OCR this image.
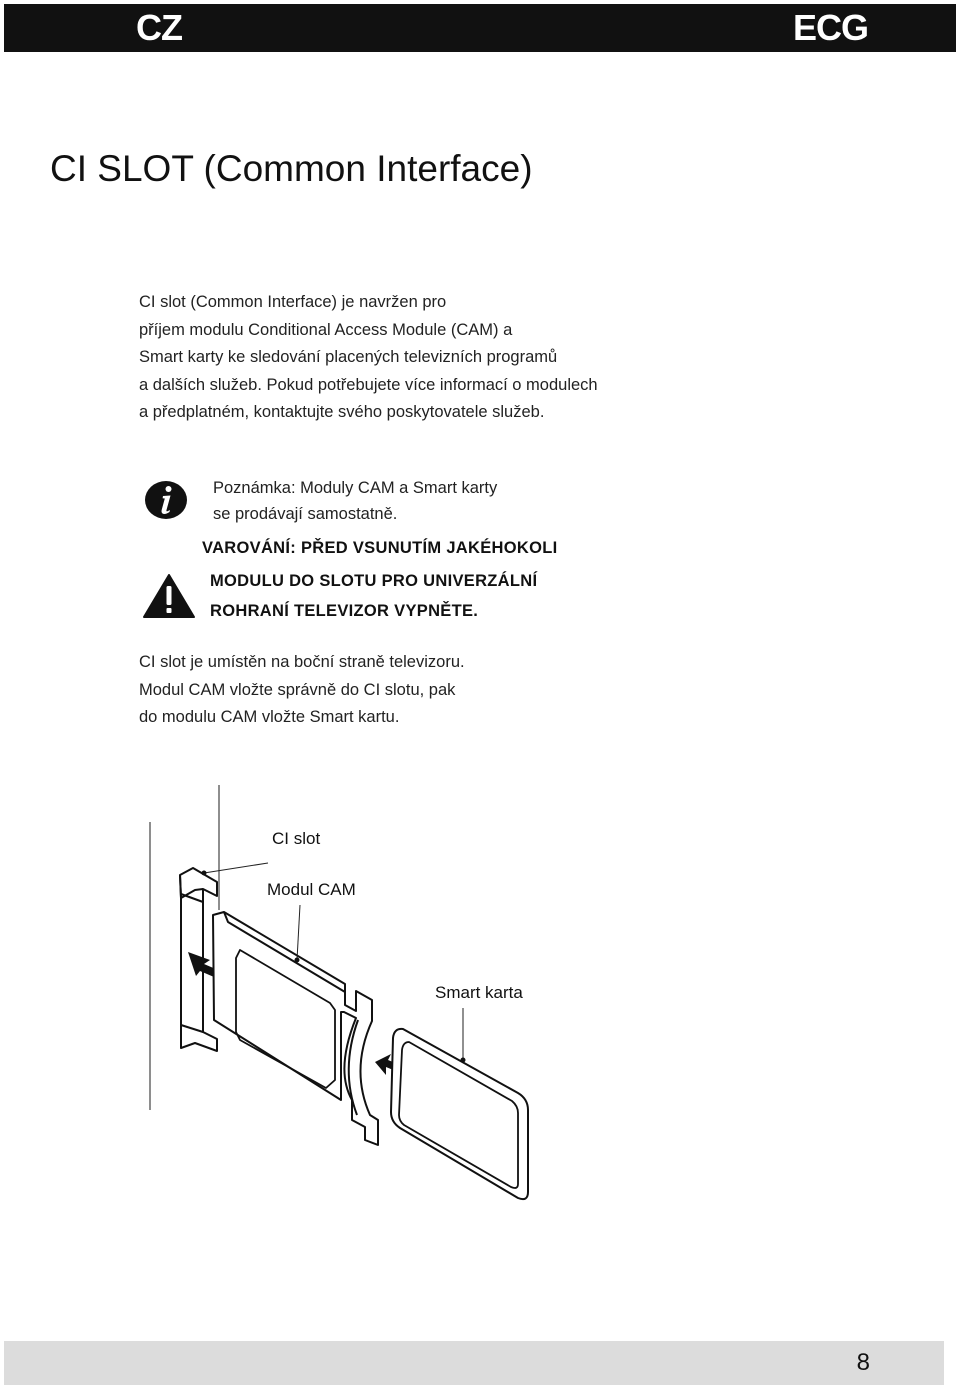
CZ	ECG
CI SLOT (Common Interface)

CI slot (Common Interface) je navržen pro

příjem modulu Conditional Access Module (CAM) a

Smart karty ke sledování placených televizních programů

a dalších služeb. Pokud potřebujete více informací o modulech

a předplatném, kontaktujte svého poskytovatele služeb.

Poznámka: Moduly CAM a Smart karty

se prodávají samostatně.

VAROVÁNÍ: PŘED VSUNUTÍM JAKÉHOKOLI

MODULU DO SLOTU PRO UNIVERZÁLNÍ

ROHRANÍ TELEVIZOR VYPNĚTE.

CI slot je umístěn na boční straně televizoru.

Modul CAM vložte správně do CI slotu, pak

do modulu CAM vložte Smart kartu.

CI slot
Modul CAM
Smart karta
8
